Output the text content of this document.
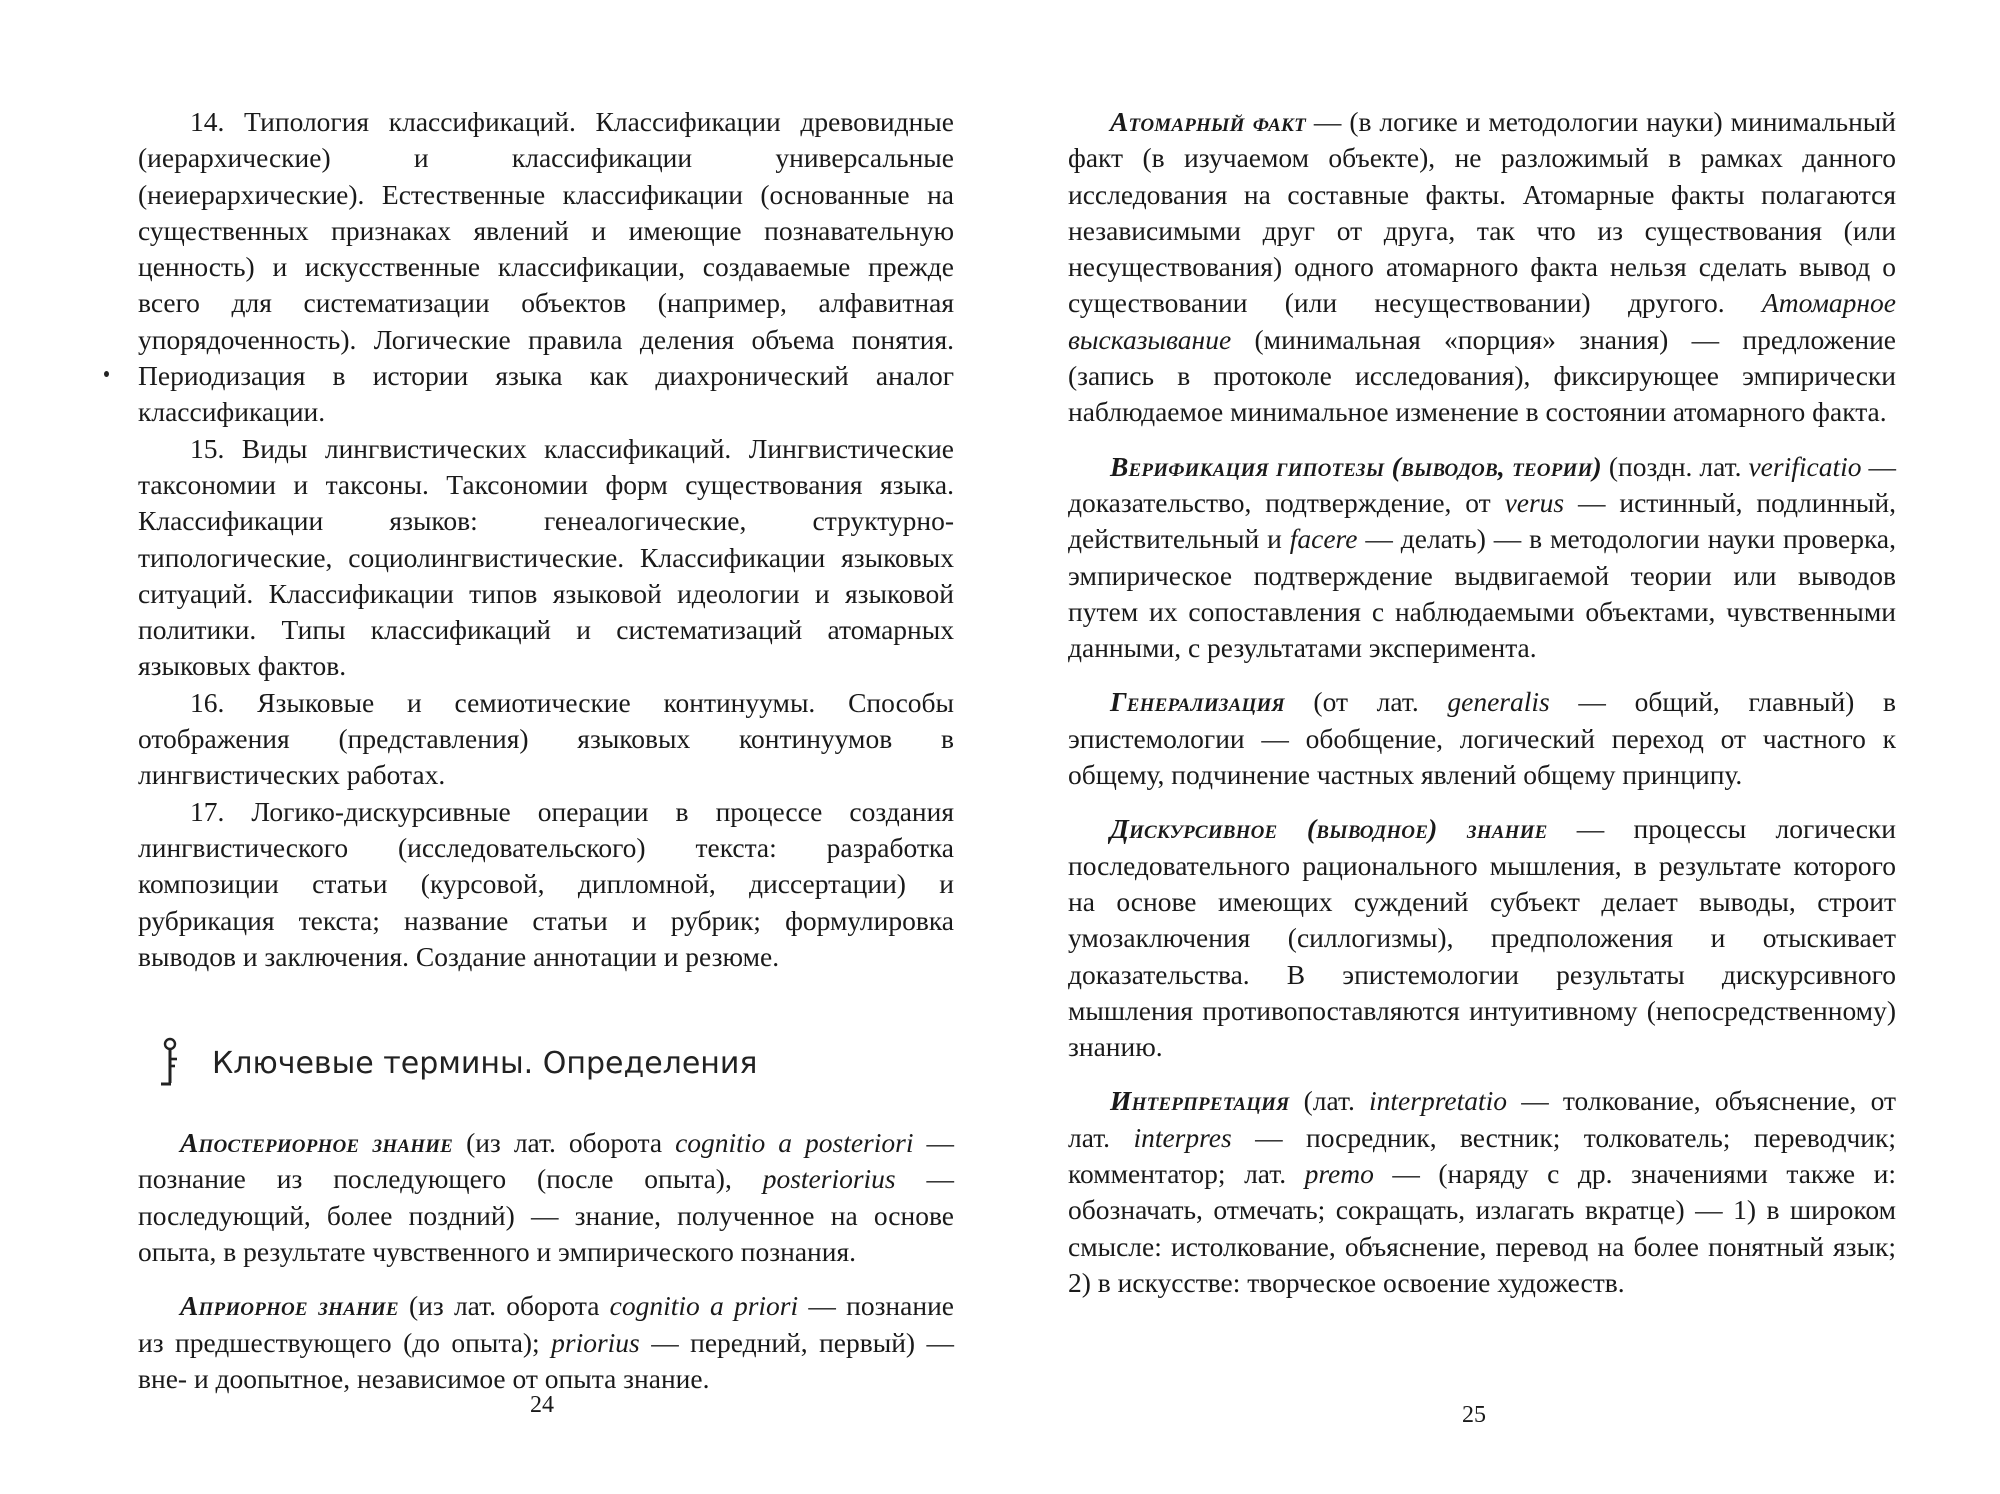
14. Типология классификаций. Классификации древовидные (иерархические) и классификации универсальные (неиерархические). Естественные классификации (основанные на существенных признаках явлений и имеющие познавательную ценность) и искусственные классификации, создаваемые прежде всего для систематизации объектов (например, алфавитная упорядоченность). Логические правила деления объема понятия. Периодизация в истории языка как диахронический аналог классификации.

15. Виды лингвистических классификаций. Лингвистические таксономии и таксоны. Таксономии форм существования языка. Классификации языков: генеалогические, структурно-типологические, социолингвистические. Классификации языковых ситуаций. Классификации типов языковой идеологии и языковой политики. Типы классификаций и систематизаций атомарных языковых фактов.

16. Языковые и семиотические континуумы. Способы отображения (представления) языковых континуумов в лингвистических работах.

17. Логико-дискурсивные операции в процессе создания лингвистического (исследовательского) текста: разработка композиции статьи (курсовой, дипломной, диссертации) и рубрикация текста; название статьи и рубрик; формулировка выводов и заключения. Создание аннотации и резюме.

Ключевые термины. Определения

Апостериорное знание (из лат. оборота cognitio a posteriori — познание из последующего (после опыта), posteriorius — последующий, более поздний) — знание, полученное на основе опыта, в результате чувственного и эмпирического познания.

Априорное знание (из лат. оборота cognitio a priori — познание из предшествующего (до опыта); priorius — передний, первый) — вне- и доопытное, независимое от опыта знание.

24

Атомарный факт — (в логике и методологии науки) минимальный факт (в изучаемом объекте), не разложимый в рамках данного исследования на составные факты. Атомарные факты полагаются независимыми друг от друга, так что из существования (или несуществования) одного атомарного факта нельзя сделать вывод о существовании (или несуществовании) другого. Атомарное высказывание (минимальная «порция» знания) — предложение (запись в протоколе исследования), фиксирующее эмпирически наблюдаемое минимальное изменение в состоянии атомарного факта.

Верификация гипотезы (выводов, теории) (поздн. лат. verificatio — доказательство, подтверждение, от verus — истинный, подлинный, действительный и facere — делать) — в методологии науки проверка, эмпирическое подтверждение выдвигаемой теории или выводов путем их сопоставления с наблюдаемыми объектами, чувственными данными, с результатами эксперимента.

Генерализация (от лат. generalis — общий, главный) в эпистемологии — обобщение, логический переход от частного к общему, подчинение частных явлений общему принципу.

Дискурсивное (выводное) знание — процессы логически последовательного рационального мышления, в результате которого на основе имеющих суждений субъект делает выводы, строит умозаключения (силлогизмы), предположения и отыскивает доказательства. В эпистемологии результаты дискурсивного мышления противопоставляются интуитивному (непосредственному) знанию.

Интерпретация (лат. interpretatio — толкование, объяснение, от лат. interpres — посредник, вестник; толкователь; переводчик; комментатор; лат. premo — (наряду с др. значениями также и: обозначать, отмечать; сокращать, излагать вкратце) — 1) в широком смысле: истолкование, объяснение, перевод на более понятный язык; 2) в искусстве: творческое освоение художеств.

25
